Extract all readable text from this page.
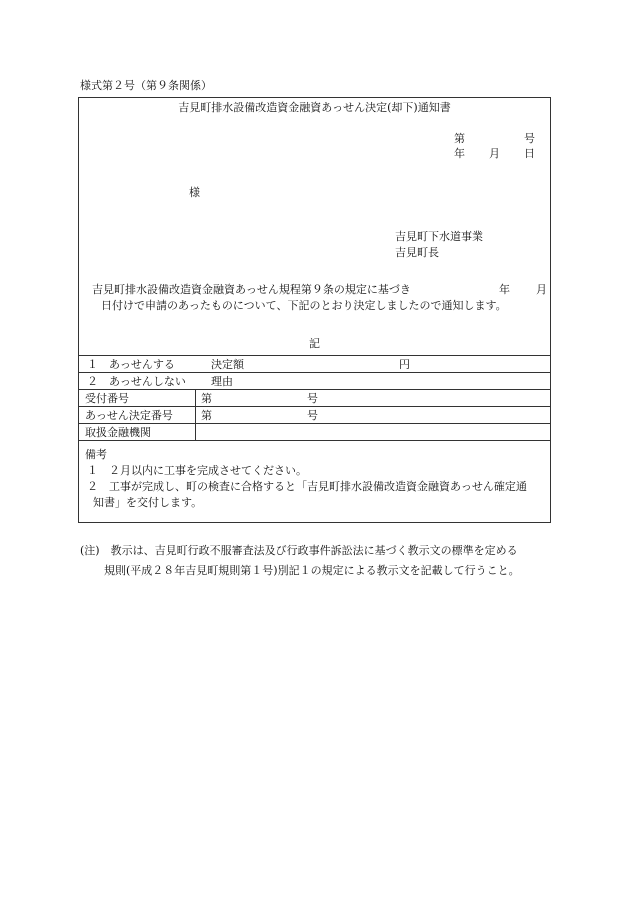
様式第２号（第９条関係）
吉見町排水設備改造資金融資あっせん決定(却下)通知書
第	号
年 月 日
様
吉見町下水道事業
吉見町長
吉見町排水設備改造資金融資あっせん規程第９条の規定に基づき	年 月
日付けで申請のあったものについて、下記のとおり決定しましたので通知します。
記
１　あっせんする	決定額	円
２　あっせんしない 理由
受付番号	第	号
あっせん決定番号	第	号
取扱金融機関
備考
１　２月以内に工事を完成させてください。
２　工事が完成し、町の検査に合格すると「吉見町排水設備改造資金融資あっせん確定通
知書」を交付します。
(注)　教示は、吉見町行政不服審査法及び行政事件訴訟法に基づく教示文の標準を定める
規則(平成２８年吉見町規則第１号)別記１の規定による教示文を記載して行うこと。
